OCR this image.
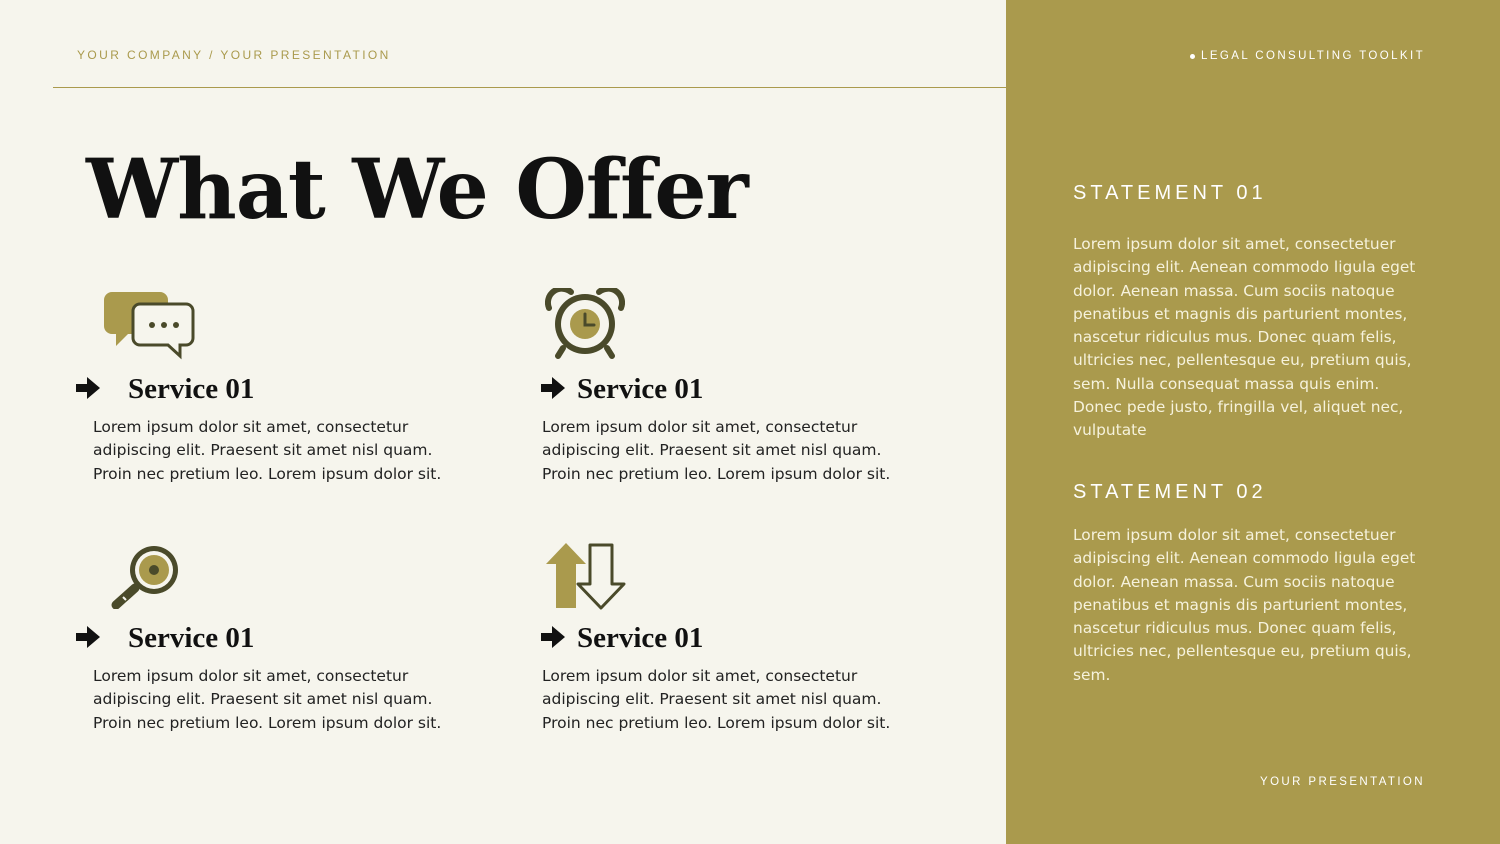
YOUR COMPANY / YOUR PRESENTATION
What We Offer
Service 01

Lorem ipsum dolor sit amet, consectetur adipiscing elit. Praesent sit amet nisl quam. Proin nec pretium leo. Lorem ipsum dolor sit.

Service 01

Lorem ipsum dolor sit amet, consectetur adipiscing elit. Praesent sit amet nisl quam. Proin nec pretium leo. Lorem ipsum dolor sit.

Service 01

Lorem ipsum dolor sit amet, consectetur adipiscing elit. Praesent sit amet nisl quam. Proin nec pretium leo. Lorem ipsum dolor sit.

Service 01

Lorem ipsum dolor sit amet, consectetur adipiscing elit. Praesent sit amet nisl quam. Proin nec pretium leo. Lorem ipsum dolor sit.

LEGAL CONSULTING TOOLKIT
STATEMENT 01

Lorem ipsum dolor sit amet, consectetuer adipiscing elit. Aenean commodo ligula eget dolor. Aenean massa. Cum sociis natoque penatibus et magnis dis parturient montes, nascetur ridiculus mus. Donec quam felis, ultricies nec, pellentesque eu, pretium quis, sem. Nulla consequat massa quis enim. Donec pede justo, fringilla vel, aliquet nec, vulputate

STATEMENT 02

Lorem ipsum dolor sit amet, consectetuer adipiscing elit. Aenean commodo ligula eget dolor. Aenean massa. Cum sociis natoque penatibus et magnis dis parturient montes, nascetur ridiculus mus. Donec quam felis, ultricies nec, pellentesque eu, pretium quis, sem.

YOUR PRESENTATION
